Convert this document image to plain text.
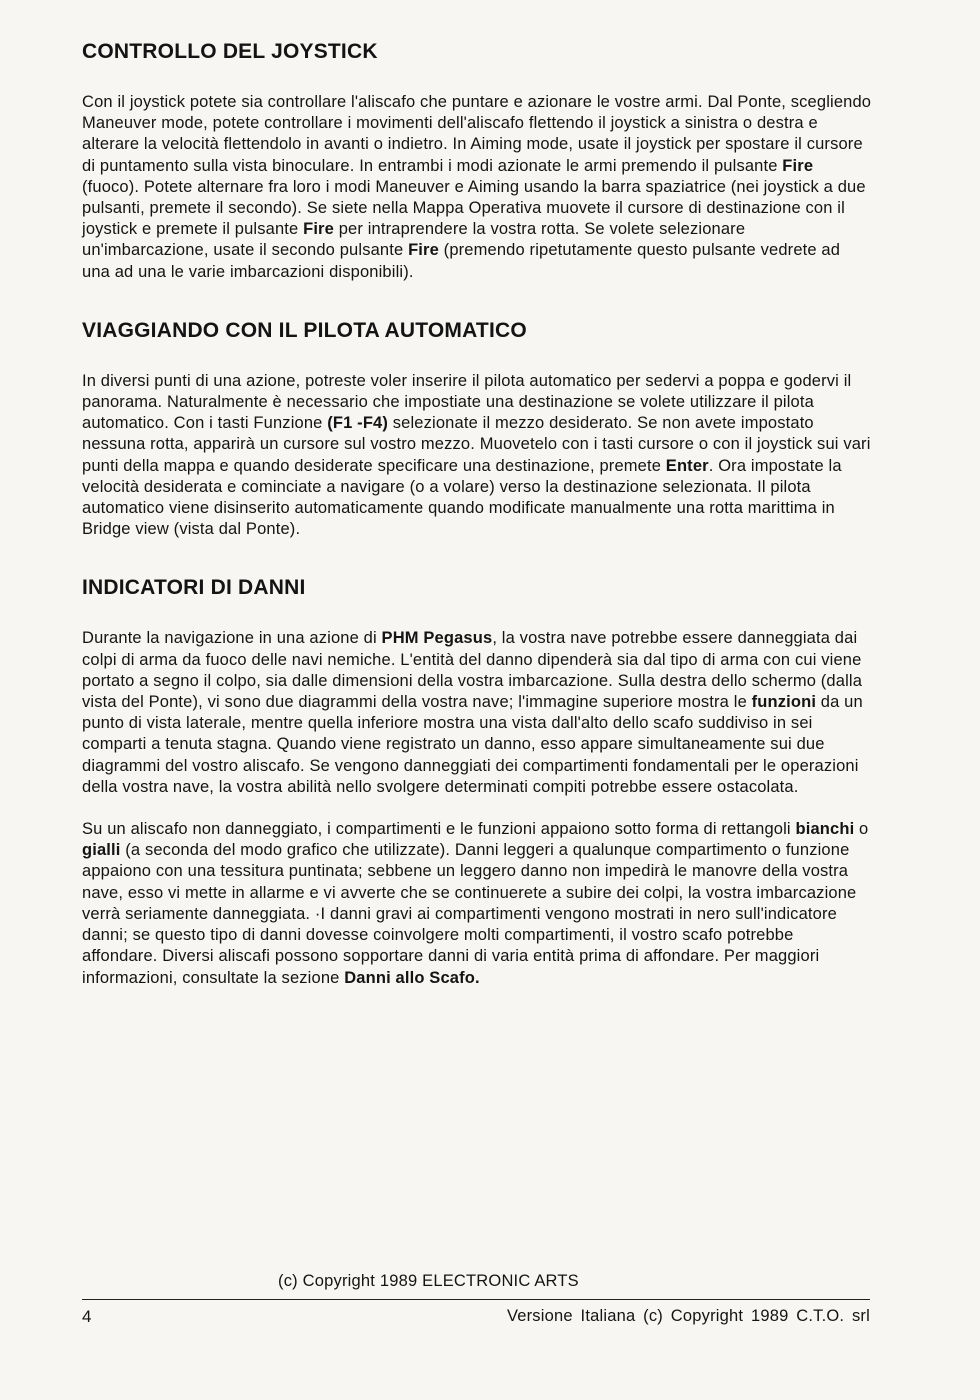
CONTROLLO DEL JOYSTICK

Con il joystick potete sia controllare l'aliscafo che puntare e azionare le vostre armi. Dal Ponte, scegliendo Maneuver mode, potete controllare i movimenti dell'aliscafo flettendo il joystick a sinistra o destra e alterare la velocità flettendolo in avanti o indietro. In Aiming mode, usate il joystick per spostare il cursore di puntamento sulla vista binoculare. In entrambi i modi azionate le armi premendo il pulsante Fire (fuoco). Potete alternare fra loro i modi Maneuver e Aiming usando la barra spaziatrice (nei joystick a due pulsanti, premete il secondo). Se siete nella Mappa Operativa muovete il cursore di destinazione con il joystick e premete il pulsante Fire per intraprendere la vostra rotta. Se volete selezionare un'imbarcazione, usate il secondo pulsante Fire (premendo ripetutamente questo pulsante vedrete ad una ad una le varie imbarcazioni disponibili).

VIAGGIANDO CON IL PILOTA AUTOMATICO

In diversi punti di una azione, potreste voler inserire il pilota automatico per sedervi a poppa e godervi il panorama. Naturalmente è necessario che impostiate una destinazione se volete utilizzare il pilota automatico. Con i tasti Funzione (F1 -F4) selezionate il mezzo desiderato. Se non avete impostato nessuna rotta, apparirà un cursore sul vostro mezzo. Muovetelo con i tasti cursore o con il joystick sui vari punti della mappa e quando desiderate specificare una destinazione, premete Enter. Ora impostate la velocità desiderata e cominciate a navigare (o a volare) verso la destinazione selezionata. Il pilota automatico viene disinserito automaticamente quando modificate manualmente una rotta marittima in Bridge view (vista dal Ponte).

INDICATORI DI DANNI

Durante la navigazione in una azione di PHM Pegasus, la vostra nave potrebbe essere danneggiata dai colpi di arma da fuoco delle navi nemiche. L'entità del danno dipenderà sia dal tipo di arma con cui viene portato a segno il colpo, sia dalle dimensioni della vostra imbarcazione. Sulla destra dello schermo (dalla vista del Ponte), vi sono due diagrammi della vostra nave; l'immagine superiore mostra le funzioni da un punto di vista laterale, mentre quella inferiore mostra una vista dall'alto dello scafo suddiviso in sei comparti a tenuta stagna. Quando viene registrato un danno, esso appare simultaneamente sui due diagrammi del vostro aliscafo. Se vengono danneggiati dei compartimenti fondamentali per le operazioni della vostra nave, la vostra abilità nello svolgere determinati compiti potrebbe essere ostacolata.

Su un aliscafo non danneggiato, i compartimenti e le funzioni appaiono sotto forma di rettangoli bianchi o gialli (a seconda del modo grafico che utilizzate). Danni leggeri a qualunque compartimento o funzione appaiono con una tessitura puntinata; sebbene un leggero danno non impedirà le manovre della vostra nave, esso vi mette in allarme e vi avverte che se continuerete a subire dei colpi, la vostra imbarcazione verrà seriamente danneggiata. ·I danni gravi ai compartimenti vengono mostrati in nero sull'indicatore danni; se questo tipo di danni dovesse coinvolgere molti compartimenti, il vostro scafo potrebbe affondare. Diversi aliscafi possono sopportare danni di varia entità prima di affondare. Per maggiori informazioni, consultate la sezione Danni allo Scafo.

(c) Copyright 1989 ELECTRONIC ARTS
4	Versione Italiana (c) Copyright 1989 C.T.O. srl
